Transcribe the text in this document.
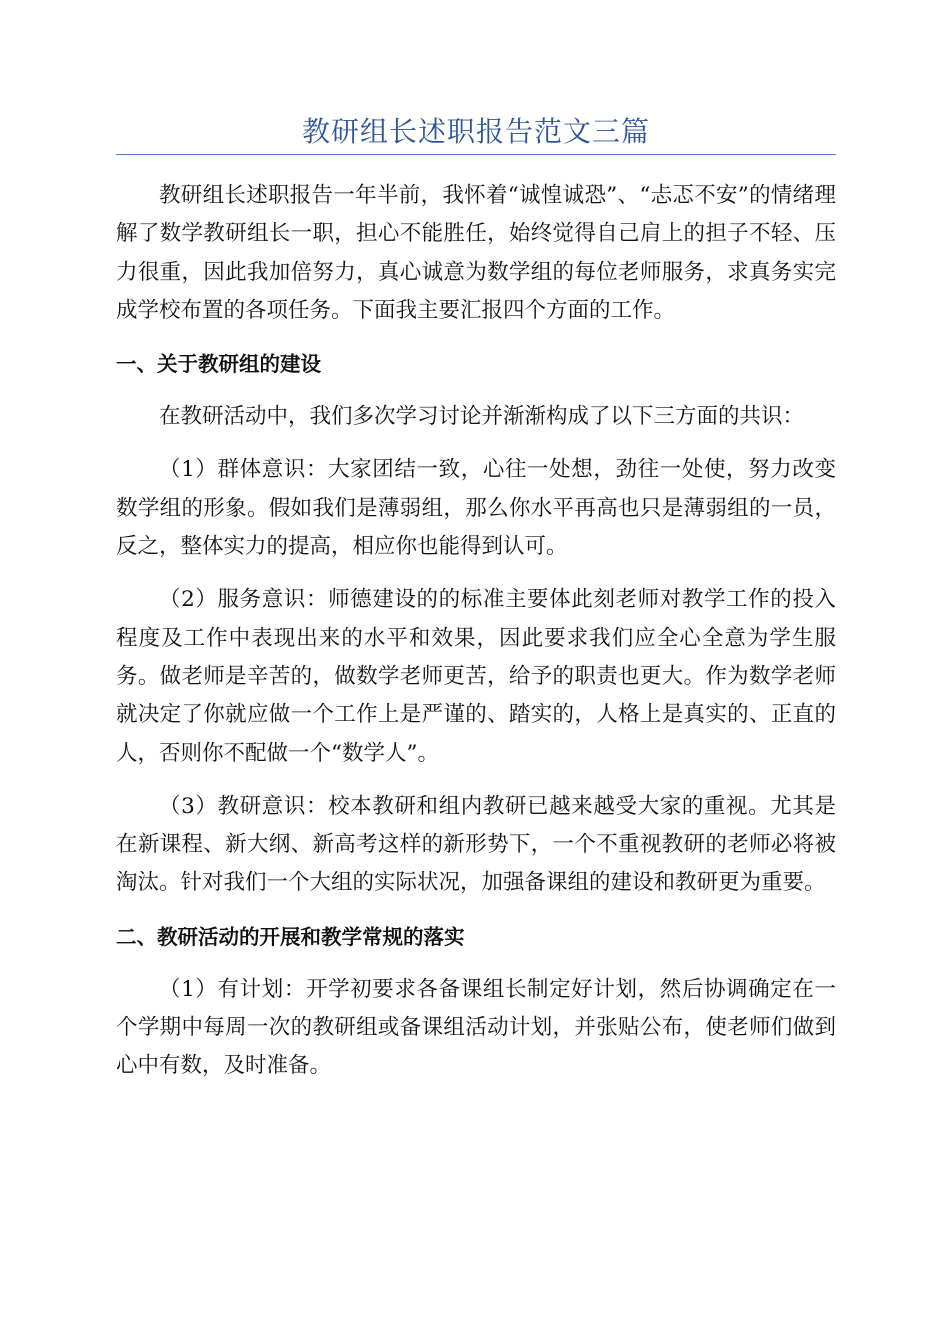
教研组长述职报告范文三篇

教研组长述职报告一年半前，我怀着“诚惶诚恐”、“忐忑不安”的情绪理解了数学教研组长一职，担心不能胜任，始终觉得自己肩上的担子不轻、压力很重，因此我加倍努力，真心诚意为数学组的每位老师服务，求真务实完成学校布置的各项任务。下面我主要汇报四个方面的工作。

一、关于教研组的建设

在教研活动中，我们多次学习讨论并渐渐构成了以下三方面的共识：

（1）群体意识：大家团结一致，心往一处想，劲往一处使，努力改变数学组的形象。假如我们是薄弱组，那么你水平再高也只是薄弱组的一员，反之，整体实力的提高，相应你也能得到认可。

（2）服务意识：师德建设的的标准主要体此刻老师对教学工作的投入程度及工作中表现出来的水平和效果，因此要求我们应全心全意为学生服务。做老师是辛苦的，做数学老师更苦，给予的职责也更大。作为数学老师就决定了你就应做一个工作上是严谨的、踏实的，人格上是真实的、正直的人，否则你不配做一个“数学人”。

（3）教研意识：校本教研和组内教研已越来越受大家的重视。尤其是在新课程、新大纲、新高考这样的新形势下，一个不重视教研的老师必将被淘汰。针对我们一个大组的实际状况，加强备课组的建设和教研更为重要。

二、教研活动的开展和教学常规的落实

（1）有计划：开学初要求各备课组长制定好计划，然后协调确定在一个学期中每周一次的教研组或备课组活动计划，并张贴公布，使老师们做到心中有数，及时准备。
